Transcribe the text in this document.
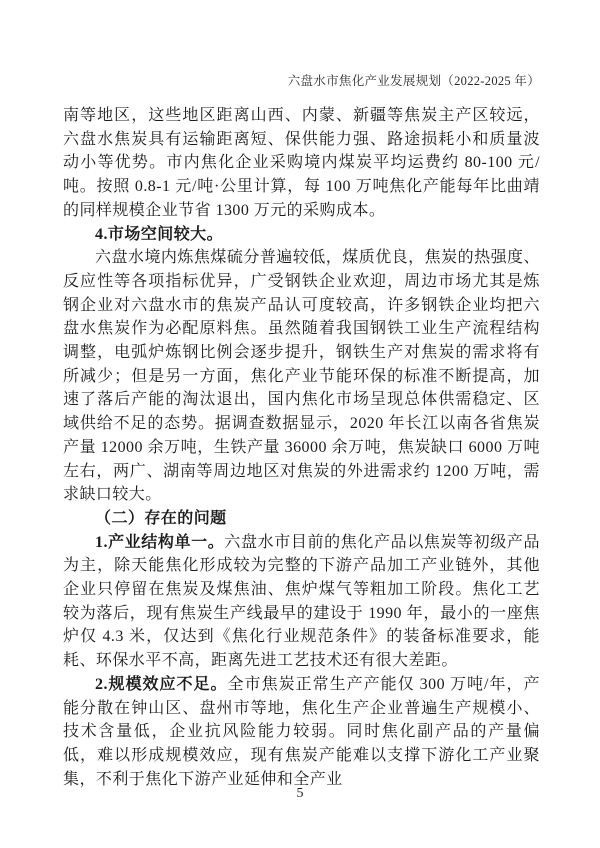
六盘水市焦化产业发展规划（2022-2025 年）

南等地区，这些地区距离山西、内蒙、新疆等焦炭主产区较远，六盘水焦炭具有运输距离短、保供能力强、路途损耗小和质量波动小等优势。市内焦化企业采购境内煤炭平均运费约 80-100 元/吨。按照 0.8-1 元/吨·公里计算，每 100 万吨焦化产能每年比曲靖的同样规模企业节省 1300 万元的采购成本。

4.市场空间较大。

六盘水境内炼焦煤硫分普遍较低，煤质优良，焦炭的热强度、反应性等各项指标优异，广受钢铁企业欢迎，周边市场尤其是炼钢企业对六盘水市的焦炭产品认可度较高，许多钢铁企业均把六盘水焦炭作为必配原料焦。虽然随着我国钢铁工业生产流程结构调整，电弧炉炼钢比例会逐步提升，钢铁生产对焦炭的需求将有所减少；但是另一方面，焦化产业节能环保的标准不断提高，加速了落后产能的淘汰退出，国内焦化市场呈现总体供需稳定、区域供给不足的态势。据调查数据显示，2020 年长江以南各省焦炭产量 12000 余万吨，生铁产量 36000 余万吨，焦炭缺口 6000 万吨左右，两广、湖南等周边地区对焦炭的外进需求约 1200 万吨，需求缺口较大。

（二）存在的问题

1.产业结构单一。六盘水市目前的焦化产品以焦炭等初级产品为主，除天能焦化形成较为完整的下游产品加工产业链外，其他企业只停留在焦炭及煤焦油、焦炉煤气等粗加工阶段。焦化工艺较为落后，现有焦炭生产线最早的建设于 1990 年，最小的一座焦炉仅 4.3 米，仅达到《焦化行业规范条件》的装备标准要求，能耗、环保水平不高，距离先进工艺技术还有很大差距。

2.规模效应不足。全市焦炭正常生产产能仅 300 万吨/年，产能分散在钟山区、盘州市等地，焦化生产企业普遍生产规模小、技术含量低，企业抗风险能力较弱。同时焦化副产品的产量偏低，难以形成规模效应，现有焦炭产能难以支撑下游化工产业聚集，不利于焦化下游产业延伸和全产业

5
